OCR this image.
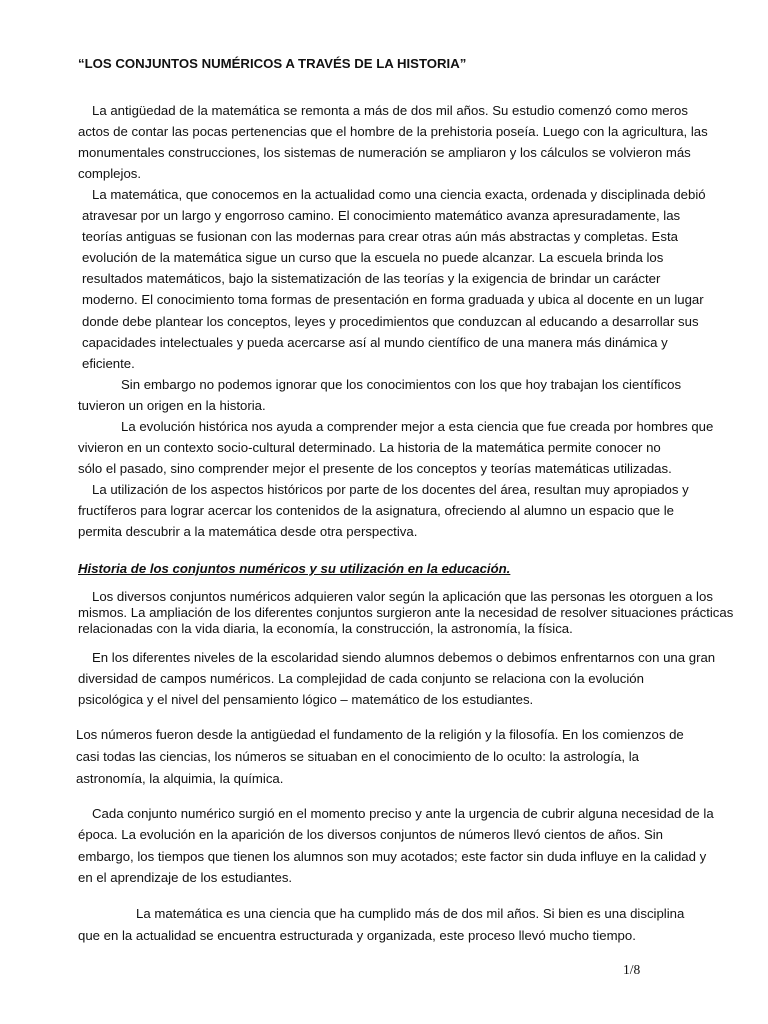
“LOS CONJUNTOS NUMÉRICOS A TRAVÉS DE LA HISTORIA”
La antigüedad de la matemática se remonta a más de dos mil años. Su estudio comenzó como meros
actos de contar las pocas pertenencias que el hombre de la prehistoria poseía. Luego con la agricultura, las
monumentales construcciones, los sistemas de numeración se ampliaron y los cálculos se volvieron más
complejos.
La matemática, que conocemos en la actualidad como una ciencia exacta, ordenada y disciplinada debió
atravesar por un largo y engorroso camino. El conocimiento matemático avanza apresuradamente, las
teorías antiguas se fusionan con las modernas para crear otras aún más abstractas y completas. Esta
evolución de la matemática sigue un curso que la escuela no puede alcanzar. La escuela brinda los
resultados matemáticos, bajo la sistematización de las teorías y la exigencia de brindar un carácter
moderno. El conocimiento toma formas de presentación en forma graduada y ubica al docente en un lugar
donde debe plantear los conceptos, leyes y procedimientos que conduzcan al educando a desarrollar sus
capacidades intelectuales y pueda acercarse así al mundo científico de una manera más dinámica y
eficiente.
Sin embargo no podemos ignorar que los conocimientos con los que hoy trabajan los científicos
tuvieron un origen en la historia.
La evolución histórica nos ayuda a comprender mejor a esta ciencia que fue creada por hombres que
vivieron en un contexto socio-cultural determinado. La historia de la matemática permite conocer no
sólo el pasado, sino comprender mejor el presente de los conceptos y teorías matemáticas utilizadas.
La utilización de los aspectos históricos por parte de los docentes del área, resultan muy apropiados y
fructíferos para lograr acercar los contenidos de la asignatura, ofreciendo al alumno un espacio que le
permita descubrir a la matemática desde otra perspectiva.
Historia de los conjuntos numéricos y su utilización en la educación.
Los diversos conjuntos numéricos adquieren valor según la aplicación que las personas les otorguen a los
mismos. La ampliación de los diferentes conjuntos surgieron ante la necesidad de resolver situaciones prácticas
relacionadas con la vida diaria, la economía, la construcción, la astronomía, la física.
En los diferentes niveles de la escolaridad siendo alumnos debemos o debimos enfrentarnos con una gran
diversidad de campos numéricos. La complejidad de cada conjunto se relaciona con la evolución
psicológica y el nivel del pensamiento lógico – matemático de los estudiantes.
Los números fueron desde la antigüedad el fundamento de la religión y la filosofía. En los comienzos de
casi todas las ciencias, los números se situaban en el conocimiento de lo oculto: la astrología, la
astronomía, la alquimia, la química.
Cada conjunto numérico surgió en el momento preciso y ante la urgencia de cubrir alguna necesidad de la
época. La evolución en la aparición de los diversos conjuntos de números llevó cientos de años. Sin
embargo, los tiempos que tienen los alumnos son muy acotados; este factor sin duda influye en la calidad y
en el aprendizaje de los estudiantes.
La matemática es una ciencia que ha cumplido más de dos mil años. Si bien es una disciplina
que en la actualidad se encuentra estructurada y organizada, este proceso llevó mucho tiempo.
1/8
